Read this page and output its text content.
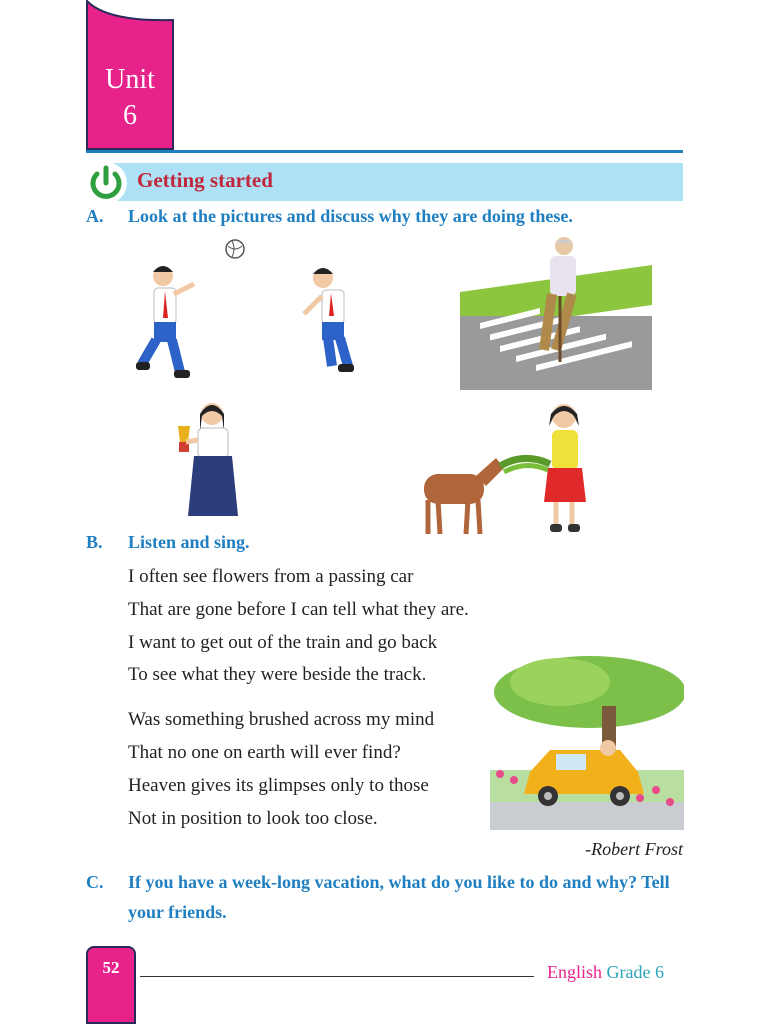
Unit
6
Getting started
A. Look at the pictures and discuss why they are doing these.
B. Listen and sing.
I often see flowers from a passing car
That are gone before I can tell what they are.
I want to get out of the train and go back
To see what they were beside the track.
Was something brushed across my mind
That no one on earth will ever find?
Heaven gives its glimpses only to those
Not in position to look too close.
-Robert Frost
C. If you have a week-long vacation, what do you like to do and why? Tell your friends.
52	English Grade 6
